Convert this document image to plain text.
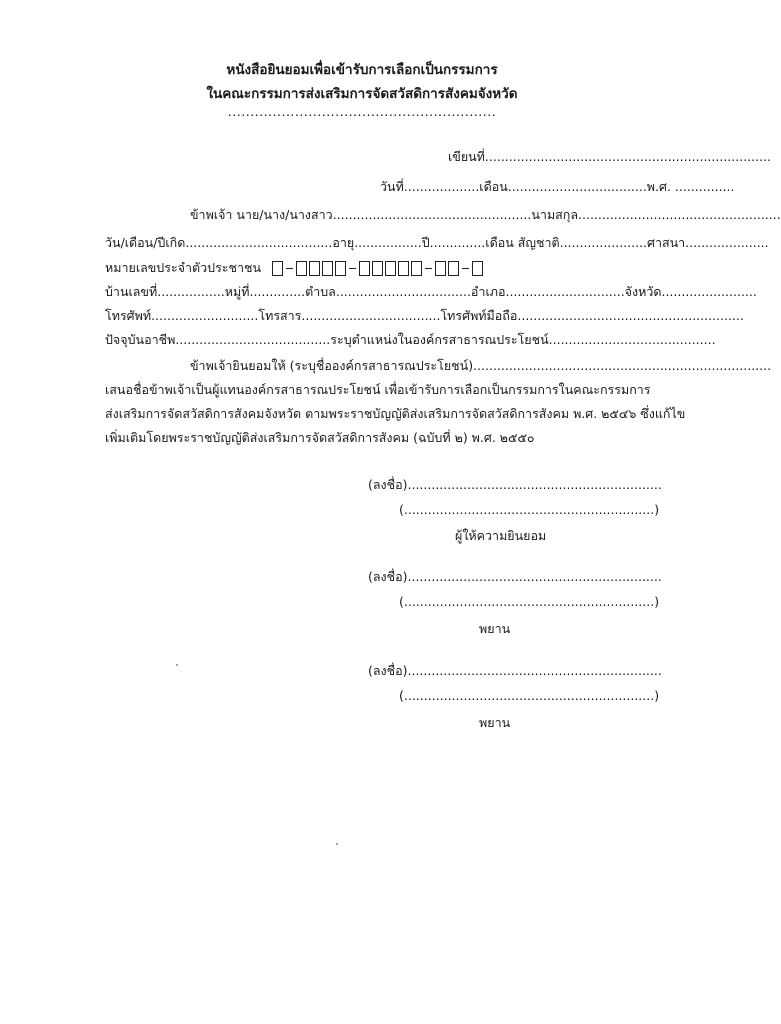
หนังสือยินยอมเพื่อเข้ารับการเลือกเป็นกรรมการ
ในคณะกรรมการส่งเสริมการจัดสวัสดิการสังคมจังหวัด
............................................................
เขียนที่........................................................................
วันที่...................เดือน...................................พ.ศ. ...............
ข้าพเจ้า นาย/นาง/นางสาว..................................................นามสกุล...................................................
วัน/เดือน/ปีเกิด.....................................อายุ.................ปี..............เดือน สัญชาติ......................ศาสนา.....................
หมายเลขประจำตัวประชาชน
บ้านเลขที่.................หมู่ที่..............ตำบล..................................อำเภอ..............................จังหวัด........................
โทรศัพท์...........................โทรสาร...................................โทรศัพท์มือถือ.........................................................
ปัจจุบันอาชีพ.......................................ระบุตำแหน่งในองค์กรสาธารณประโยชน์..........................................
ข้าพเจ้ายินยอมให้ (ระบุชื่อองค์กรสาธารณประโยชน์)...........................................................................
เสนอชื่อข้าพเจ้าเป็นผู้แทนองค์กรสาธารณประโยชน์ เพื่อเข้ารับการเลือกเป็นกรรมการในคณะกรรมการ
ส่งเสริมการจัดสวัสดิการสังคมจังหวัด ตามพระราชบัญญัติส่งเสริมการจัดสวัสดิการสังคม พ.ศ. ๒๕๔๖ ซึ่งแก้ไข
เพิ่มเติมโดยพระราชบัญญัติส่งเสริมการจัดสวัสดิการสังคม (ฉบับที่ ๒) พ.ศ. ๒๕๕๐
(ลงชื่อ)................................................................
(...............................................................)
ผู้ให้ความยินยอม
(ลงชื่อ)................................................................
(...............................................................)
พยาน
(ลงชื่อ)................................................................
(...............................................................)
พยาน
